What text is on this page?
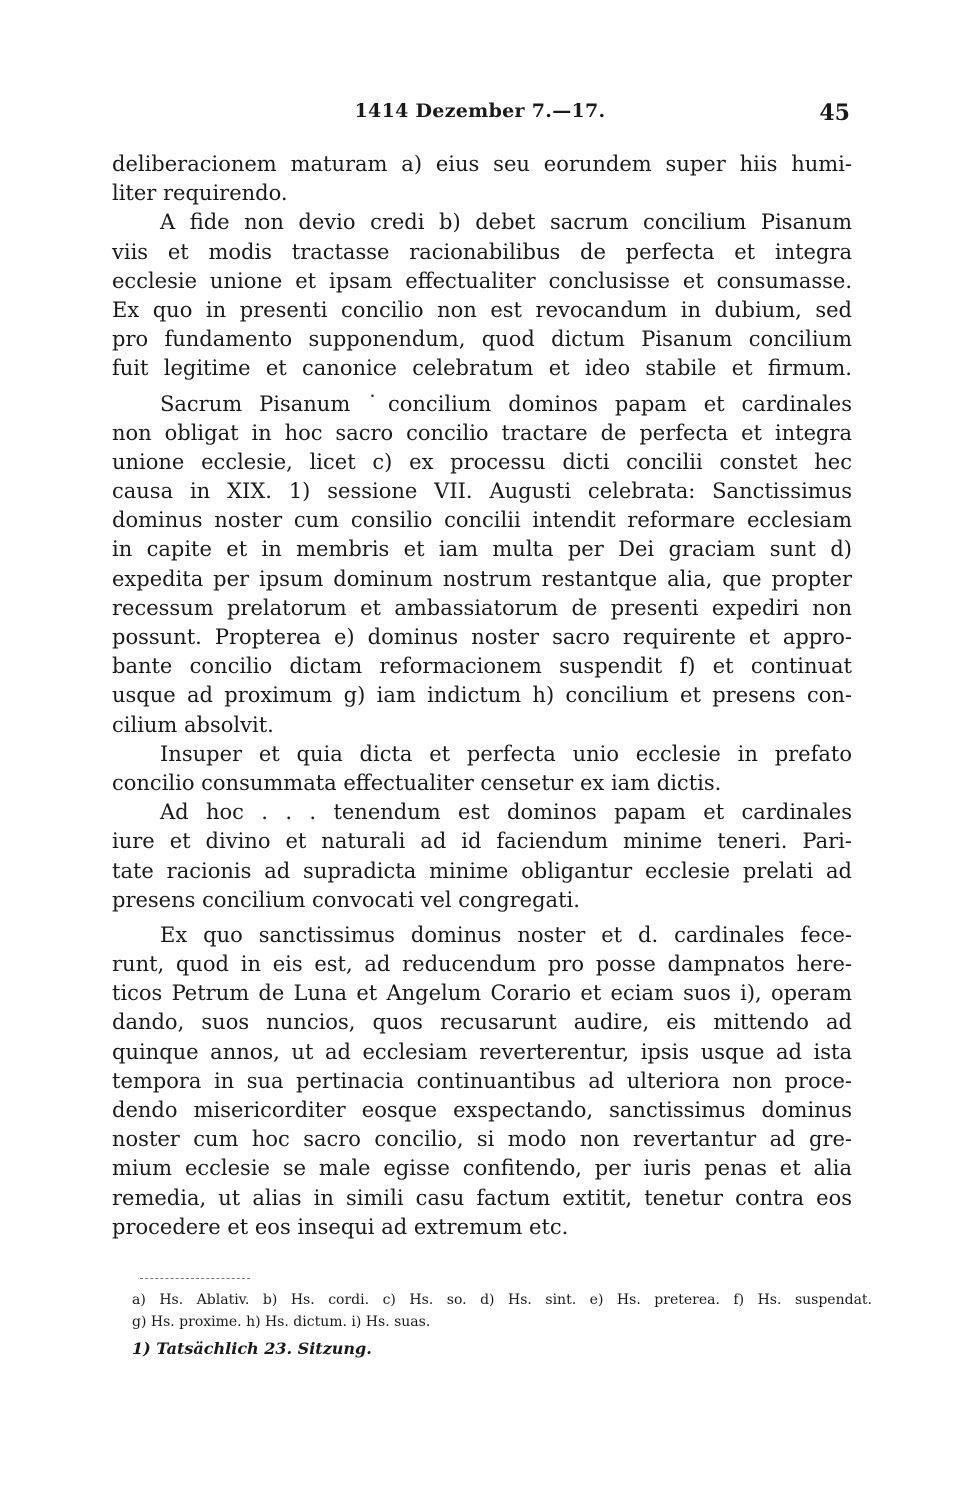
1414 Dezember 7.—17.	45
deliberacionem maturam a) eius seu eorundem super hiis humi-
liter requirendo.
A fide non devio credi b) debet sacrum concilium Pisanum
viis et modis tractasse racionabilibus de perfecta et integra
ecclesie unione et ipsam effectualiter conclusisse et consumasse.
Ex quo in presenti concilio non est revocandum in dubium, sed
pro fundamento supponendum, quod dictum Pisanum concilium
fuit legitime et canonice celebratum et ideo stabile et firmum.
Sacrum Pisanum ˙concilium dominos papam et cardinales
non obligat in hoc sacro concilio tractare de perfecta et integra
unione ecclesie, licet c) ex processu dicti concilii constet hec
causa in XIX. 1) sessione VII. Augusti celebrata: Sanctissimus
dominus noster cum consilio concilii intendit reformare ecclesiam
in capite et in membris et iam multa per Dei graciam sunt d)
expedita per ipsum dominum nostrum restantque alia, que propter
recessum prelatorum et ambassiatorum de presenti expediri non
possunt. Propterea e) dominus noster sacro requirente et appro-
bante concilio dictam reformacionem suspendit f) et continuat
usque ad proximum g) iam indictum h) concilium et presens con-
cilium absolvit.
Insuper et quia dicta et perfecta unio ecclesie in prefato
concilio consummata effectualiter censetur ex iam dictis.
Ad hoc . . . tenendum est dominos papam et cardinales
iure et divino et naturali ad id faciendum minime teneri. Pari-
tate racionis ad supradicta minime obligantur ecclesie prelati ad
presens concilium convocati vel congregati.
Ex quo sanctissimus dominus noster et d. cardinales fece-
runt, quod in eis est, ad reducendum pro posse dampnatos here-
ticos Petrum de Luna et Angelum Corario et eciam suos i), operam
dando, suos nuncios, quos recusarunt audire, eis mittendo ad
quinque annos, ut ad ecclesiam reverterentur, ipsis usque ad ista
tempora in sua pertinacia continuantibus ad ulteriora non proce-
dendo misericorditer eosque exspectando, sanctissimus dominus
noster cum hoc sacro concilio, si modo non revertantur ad gre-
mium ecclesie se male egisse confitendo, per iuris penas et alia
remedia, ut alias in simili casu factum extitit, tenetur contra eos
procedere et eos insequi ad extremum etc.
a) Hs. Ablativ. b) Hs. cordi. c) Hs. so. d) Hs. sint. e) Hs. preterea. f) Hs. suspendat.
g) Hs. proxime. h) Hs. dictum. i) Hs. suas.
1) Tatsächlich 23. Sitzung.
